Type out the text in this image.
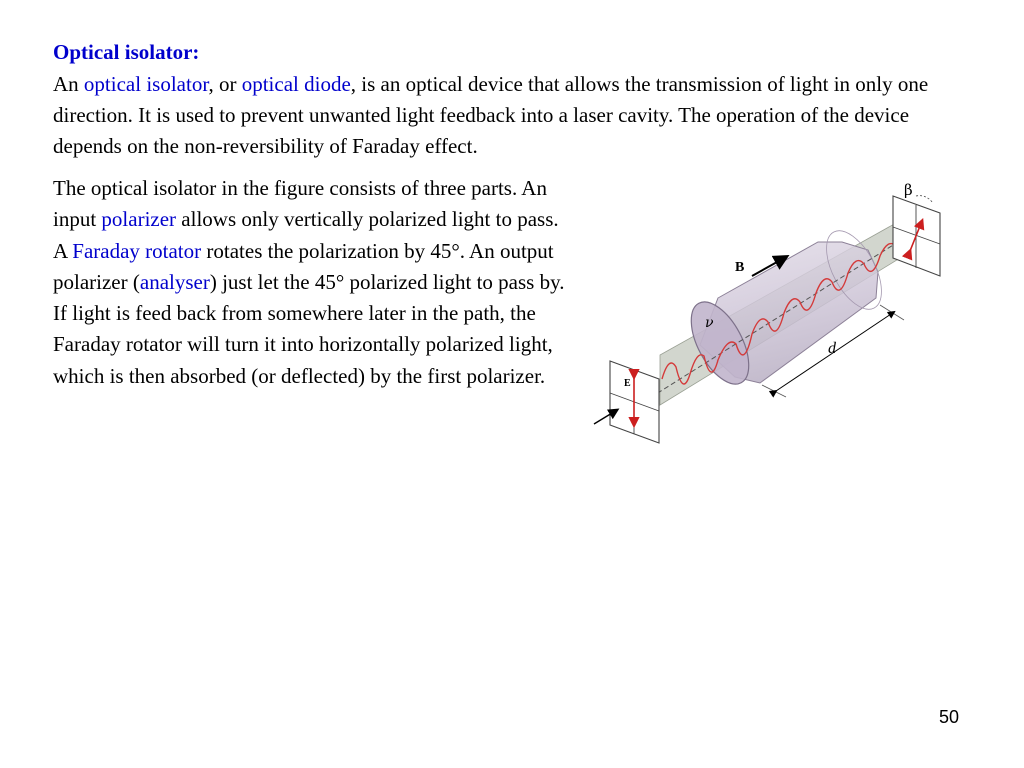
Optical isolator:
An optical isolator, or optical diode, is an optical device that allows the transmission of light in only one direction. It is used to prevent unwanted light feedback into a laser cavity. The operation of the device depends on the non-reversibility of Faraday effect.
The optical isolator in the figure consists of three parts. An input polarizer allows only vertically polarized light to pass. A Faraday rotator rotates the polarization by 45°. An output polarizer (analyser) just let the 45° polarized light to pass by. If light is feed back from somewhere later in the path, the Faraday rotator will turn it into horizontally polarized light, which is then absorbed (or deflected) by the first polarizer.	E
β
B
d
ν
50
